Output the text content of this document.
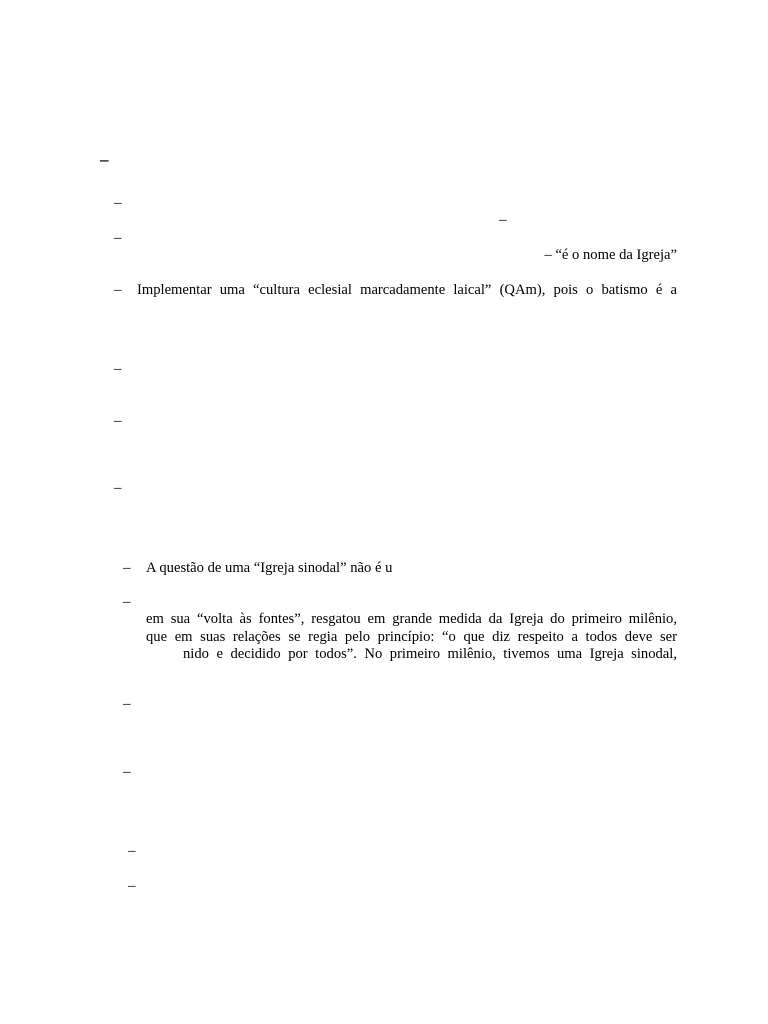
–
–
–
–
– “é o nome da Igreja”
– Implementar uma “cultura eclesial marcadamente laical” (QAm), pois o batismo é a
–
–
–
– A questão de uma “Igreja sinodal” não é u
–
em sua “volta às fontes”, resgatou em grande medida da Igreja do primeiro milênio,
que em suas relações se regia pelo princípio: “o que diz respeito a todos deve ser
nido e decidido por todos”. No primeiro milênio, tivemos uma Igreja sinodal,
–
–
–
–
